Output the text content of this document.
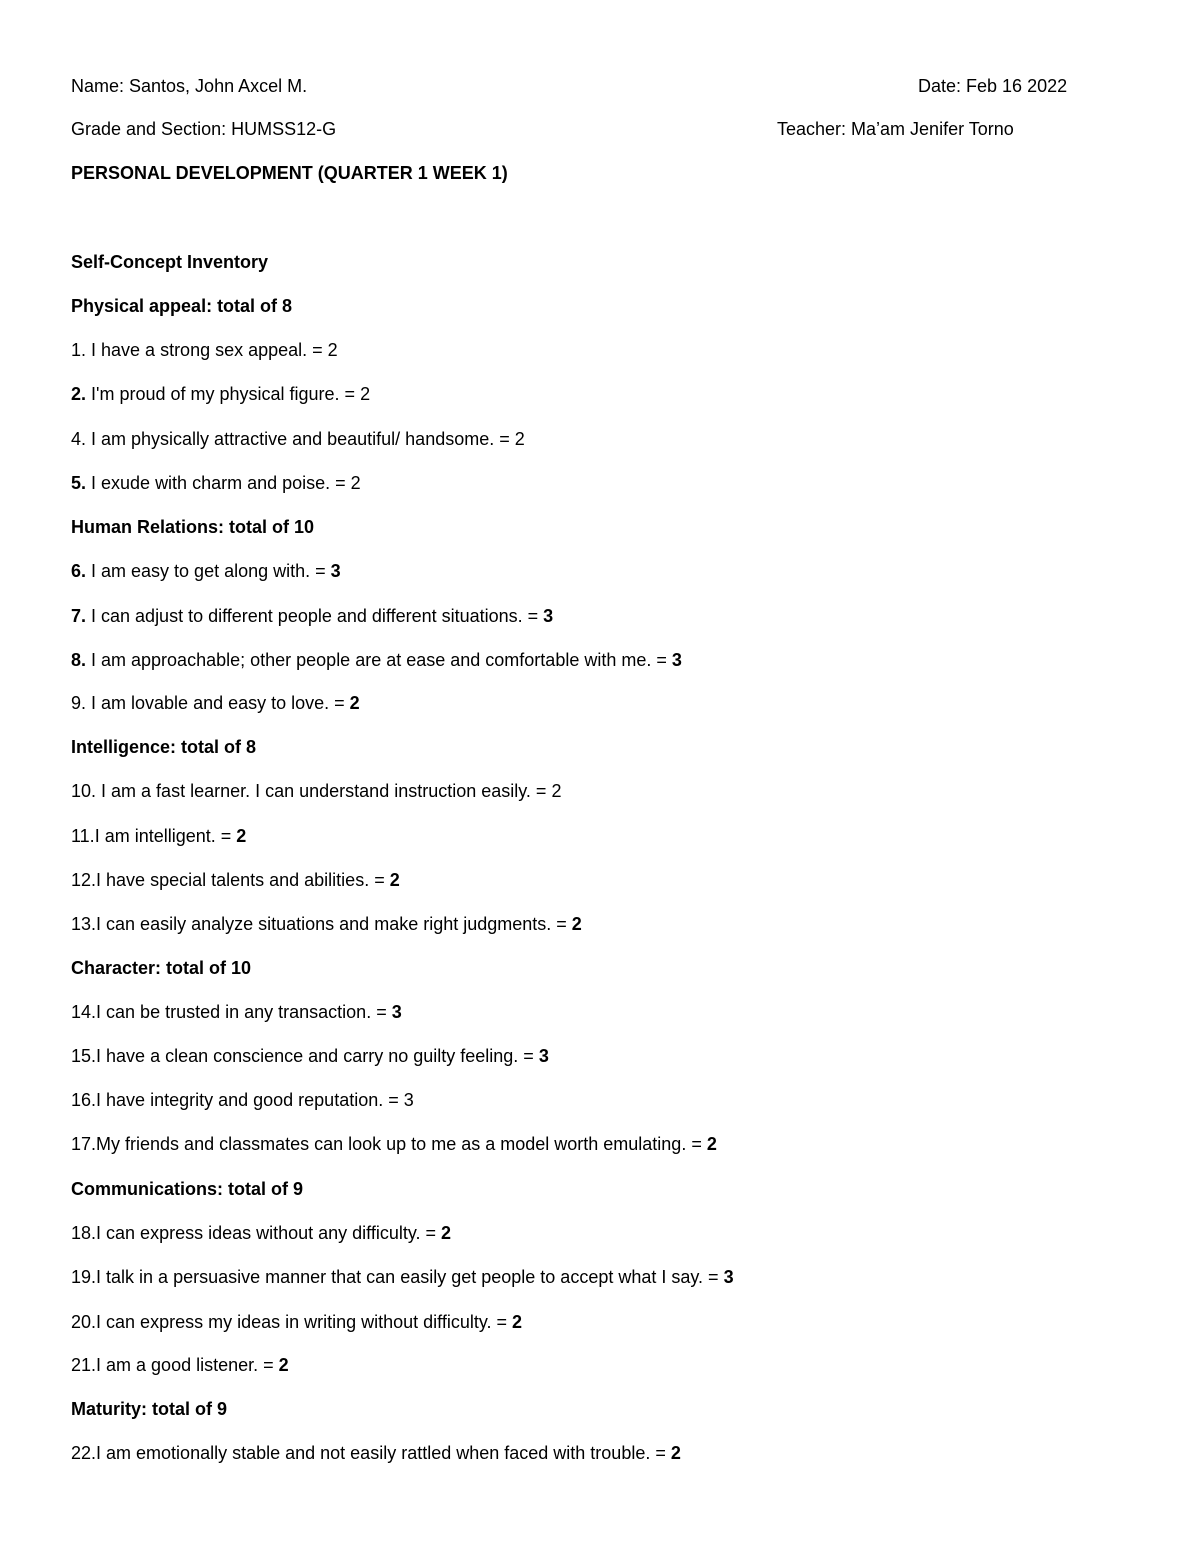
Name: Santos, John Axcel M.	Date: Feb 16 2022
Grade and Section: HUMSS12-G	Teacher: Ma’am Jenifer Torno
PERSONAL DEVELOPMENT (QUARTER 1 WEEK 1)
Self-Concept Inventory
Physical appeal: total of 8
1. I have a strong sex appeal. = 2
2. I'm proud of my physical figure. = 2
4. I am physically attractive and beautiful/ handsome. = 2
5. I exude with charm and poise. = 2
Human Relations: total of 10
6. I am easy to get along with. = 3
7. I can adjust to different people and different situations. = 3
8. I am approachable; other people are at ease and comfortable with me. = 3
9. I am lovable and easy to love. = 2
Intelligence: total of 8
10. I am a fast learner. I can understand instruction easily. = 2
11.I am intelligent. = 2
12.I have special talents and abilities. = 2
13.I can easily analyze situations and make right judgments. = 2
Character: total of 10
14.I can be trusted in any transaction. = 3
15.I have a clean conscience and carry no guilty feeling. = 3
16.I have integrity and good reputation. = 3
17.My friends and classmates can look up to me as a model worth emulating. = 2
Communications: total of 9
18.I can express ideas without any difficulty. = 2
19.I talk in a persuasive manner that can easily get people to accept what I say. = 3
20.I can express my ideas in writing without difficulty. = 2
21.I am a good listener. = 2
Maturity: total of 9
22.I am emotionally stable and not easily rattled when faced with trouble. = 2
